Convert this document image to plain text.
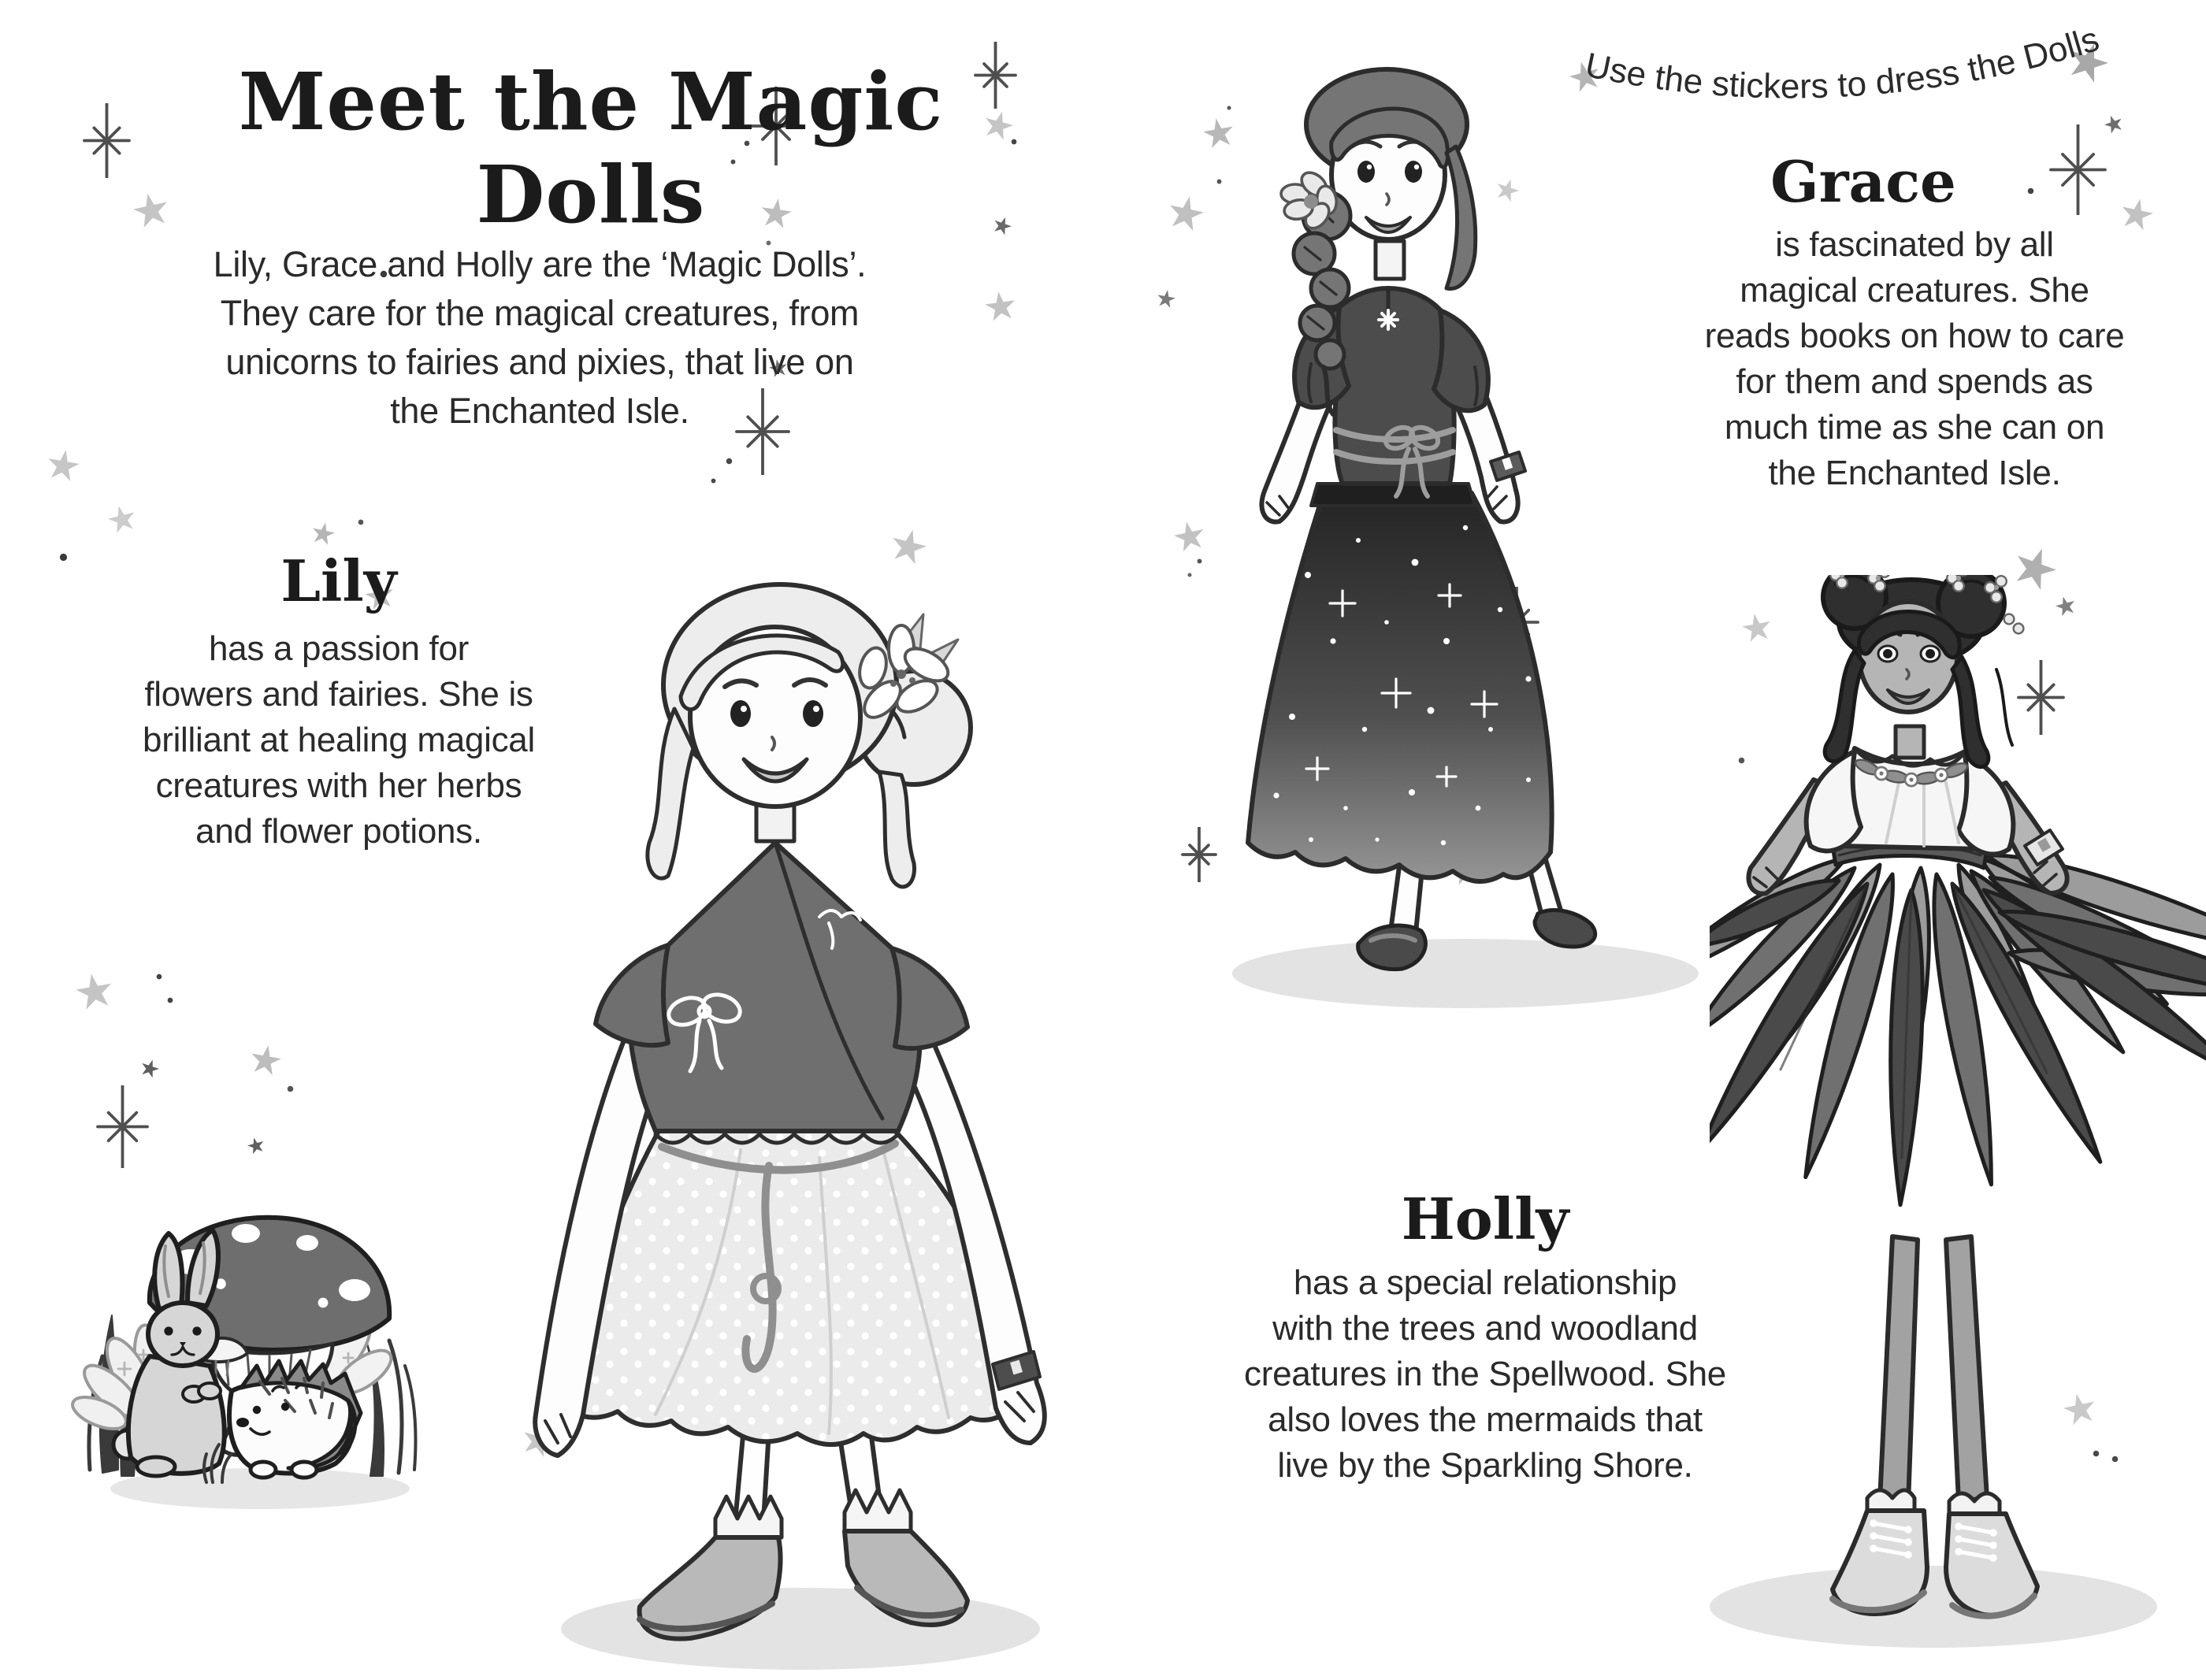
Meet the Magic Dolls
Lily, Grace and Holly are the ‘Magic Dolls’.
They care for the magical creatures, from
unicorns to fairies and pixies, that live on
the Enchanted Isle.
Use the stickers to dress the Dolls
Lily
has a passion for
flowers and fairies. She is
brilliant at healing magical
creatures with her herbs
and flower potions.
Grace
is fascinated by all
magical creatures. She
reads books on how to care
for them and spends as
much time as she can on
the Enchanted Isle.
Holly
has a special relationship
with the trees and woodland
creatures in the Spellwood. She
also loves the mermaids that
live by the Sparkling Shore.
